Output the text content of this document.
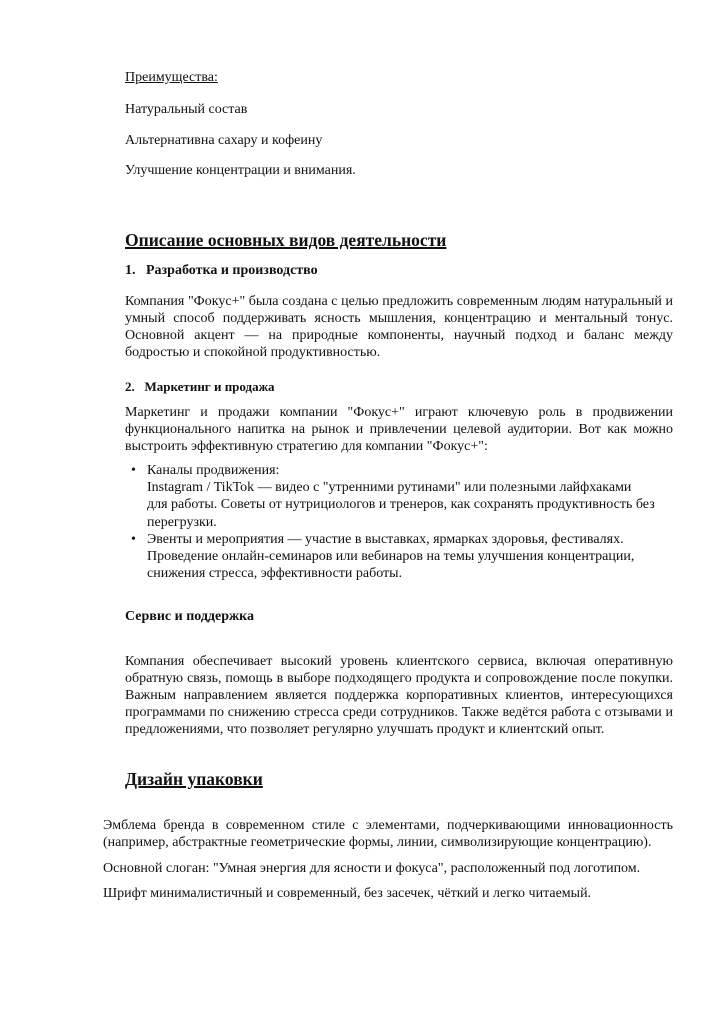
Преимущества:
Натуральный состав
Альтернативна сахару и кофеину
Улучшение концентрации и внимания.
Описание основных видов деятельности
1.   Разработка и производство
Компания "Фокус+" была создана с целью предложить современным людям натуральный и умный способ поддерживать ясность мышления, концентрацию и ментальный тонус. Основной акцент — на природные компоненты, научный подход и баланс между бодростью и спокойной продуктивностью.
2.   Маркетинг и продажа
Маркетинг и продажи компании "Фокус+" играют ключевую роль в продвижении функционального напитка на рынок и привлечении целевой аудитории. Вот как можно выстроить эффективную стратегию для компании "Фокус+":
• Каналы продвижения:
Instagram / TikTok — видео с "утренними рутинами" или полезными лайфхаками для работы. Советы от нутрициологов и тренеров, как сохранять продуктивность без перегрузки.
• Эвенты и мероприятия — участие в выставках, ярмарках здоровья, фестивалях.
Проведение онлайн-семинаров или вебинаров на темы улучшения концентрации, снижения стресса, эффективности работы.
Сервис и поддержка
Компания обеспечивает высокий уровень клиентского сервиса, включая оперативную обратную связь, помощь в выборе подходящего продукта и сопровождение после покупки. Важным направлением является поддержка корпоративных клиентов, интересующихся программами по снижению стресса среди сотрудников. Также ведётся работа с отзывами и предложениями, что позволяет регулярно улучшать продукт и клиентский опыт.
Дизайн упаковки
Эмблема бренда в современном стиле с элементами, подчеркивающими инновационность (например, абстрактные геометрические формы, линии, символизирующие концентрацию).
Основной слоган: "Умная энергия для ясности и фокуса", расположенный под логотипом.
Шрифт минималистичный и современный, без засечек, чёткий и легко читаемый.
